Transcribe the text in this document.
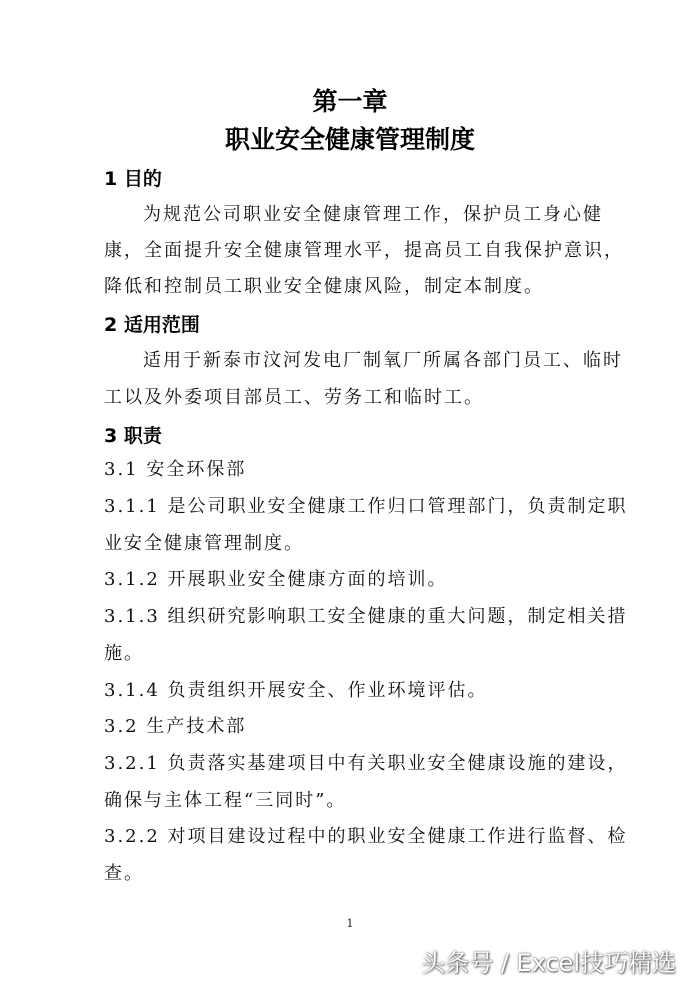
第一章
职业安全健康管理制度
1 目的
为规范公司职业安全健康管理工作，保护员工身心健
康，全面提升安全健康管理水平，提高员工自我保护意识，
降低和控制员工职业安全健康风险，制定本制度。
2 适用范围
适用于新泰市汶河发电厂制氧厂所属各部门员工、临时
工以及外委项目部员工、劳务工和临时工。
3 职责
3.1 安全环保部
3.1.1 是公司职业安全健康工作归口管理部门，负责制定职
业安全健康管理制度。
3.1.2 开展职业安全健康方面的培训。
3.1.3 组织研究影响职工安全健康的重大问题，制定相关措
施。
3.1.4 负责组织开展安全、作业环境评估。
3.2 生产技术部
3.2.1 负责落实基建项目中有关职业安全健康设施的建设，
确保与主体工程“三同时”。
3.2.2 对项目建设过程中的职业安全健康工作进行监督、检
查。
1
头条号 / Excel技巧精选
